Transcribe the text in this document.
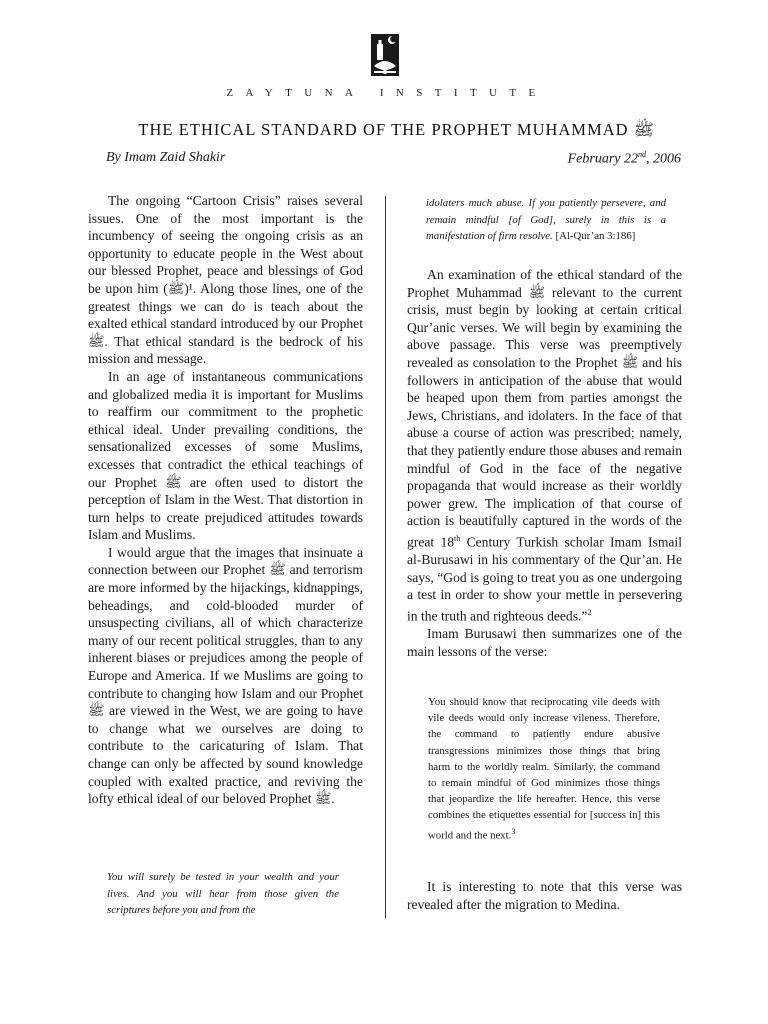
ZAYTUNA INSTITUTE
THE ETHICAL STANDARD OF THE PROPHET MUHAMMAD ﷺ
By Imam Zaid Shakir	February 22nd, 2006

The ongoing “Cartoon Crisis” raises several issues. One of the most important is the incumbency of seeing the ongoing crisis as an opportunity to educate people in the West about our blessed Prophet, peace and blessings of God be upon him (ﷺ)¹. Along those lines, one of the greatest things we can do is teach about the exalted ethical standard introduced by our Prophet ﷺ. That ethical standard is the bedrock of his mission and message.

In an age of instantaneous communications and globalized media it is important for Muslims to reaffirm our commitment to the prophetic ethical ideal. Under prevailing conditions, the sensationalized excesses of some Muslims, excesses that contradict the ethical teachings of our Prophet ﷺ are often used to distort the perception of Islam in the West. That distortion in turn helps to create prejudiced attitudes towards Islam and Muslims.

I would argue that the images that insinuate a connection between our Prophet ﷺ and terrorism are more informed by the hijackings, kidnappings, beheadings, and cold-blooded murder of unsuspecting civilians, all of which characterize many of our recent political struggles, than to any inherent biases or prejudices among the people of Europe and America. If we Muslims are going to contribute to changing how Islam and our Prophet ﷺ are viewed in the West, we are going to have to change what we ourselves are doing to contribute to the caricaturing of Islam. That change can only be affected by sound knowledge coupled with exalted practice, and reviving the lofty ethical ideal of our beloved Prophet ﷺ.

You will surely be tested in your wealth and your lives. And you will hear from those given the scriptures before you and from the
idolaters much abuse. If you patiently persevere, and remain mindful [of God], surely in this is a manifestation of firm resolve. [Al-Qur’an 3:186]

An examination of the ethical standard of the Prophet Muhammad ﷺ relevant to the current crisis, must begin by looking at certain critical Qur’anic verses. We will begin by examining the above passage. This verse was preemptively revealed as consolation to the Prophet ﷺ and his followers in anticipation of the abuse that would be heaped upon them from parties amongst the Jews, Christians, and idolaters. In the face of that abuse a course of action was prescribed; namely, that they patiently endure those abuses and remain mindful of God in the face of the negative propaganda that would increase as their worldly power grew. The implication of that course of action is beautifully captured in the words of the great 18th Century Turkish scholar Imam Ismail al-Burusawi in his commentary of the Qur’an. He says, “God is going to treat you as one undergoing a test in order to show your mettle in persevering in the truth and righteous deeds.”$^2$

Imam Burusawi then summarizes one of the main lessons of the verse:

You should know that reciprocating vile deeds with vile deeds would only increase vileness. Therefore, the command to patiently endure abusive transgressions minimizes those things that bring harm to the worldly realm. Similarly, the command to remain mindful of God minimizes those things that jeopardize the life hereafter. Hence, this verse combines the etiquettes essential for [success in] this world and the next.$^3$

It is interesting to note that this verse was revealed after the migration to Medina.
